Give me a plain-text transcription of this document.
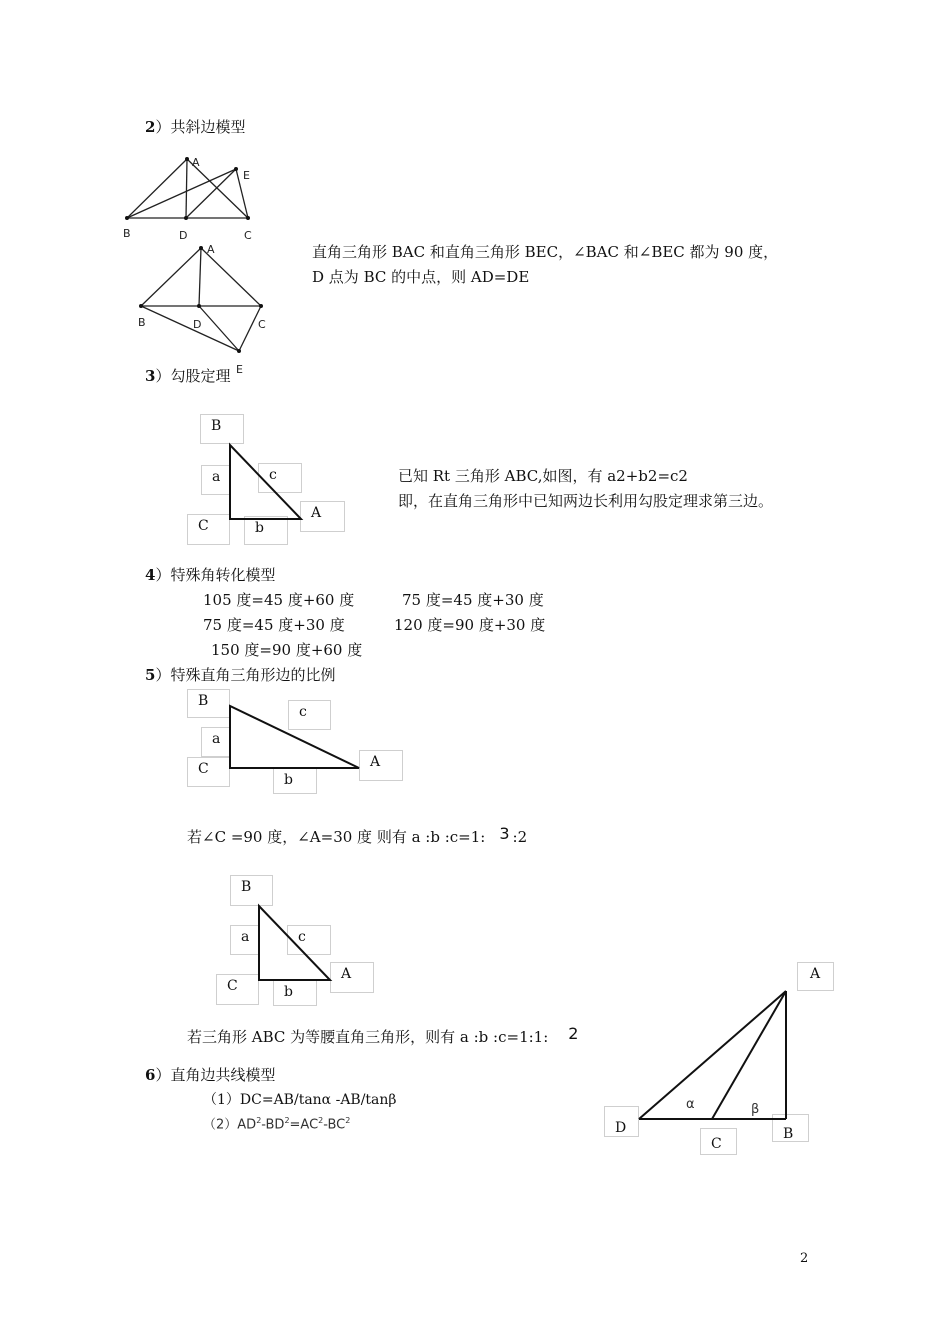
2）共斜边模型
A
E
B	D	C
A
B	D	C
E
直角三角形 BAC 和直角三角形 BEC，∠BAC 和∠BEC 都为 90 度，
D 点为 BC 的中点，则 AD=DE
3）勾股定理
B
a	c
A
C	b
已知 Rt 三角形 ABC,如图，有 a2+b2=c2
即，在直角三角形中已知两边长利用勾股定理求第三边。
4）特殊角转化模型
105 度=45 度+60 度	75 度=45 度+30 度
75 度=45 度+30 度	120 度=90 度+30 度
150 度=90 度+60 度
5）特殊直角三角形边的比例
B
c
a
C	A
b
若∠C =90 度，∠A=30 度 则有 a :b :c=1: 3 :2
B
a	c
A
C	b
若三角形 ABC 为等腰直角三角形，则有 a :b :c=1:1: 2
6）直角边共线模型
（1）DC=AB/tanα -AB/tanβ
$(2)AD^2-BD^2=AC^2-BC^2$
A
D
C
B
α	β
2
